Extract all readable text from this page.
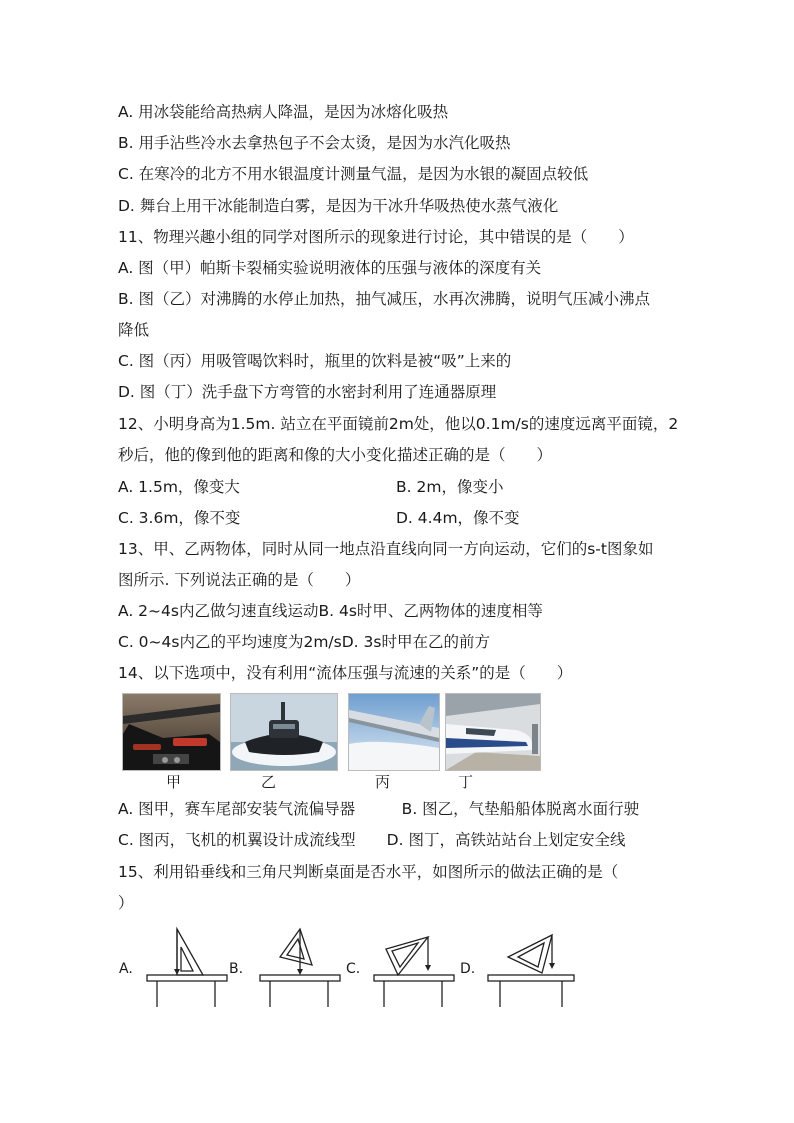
A. 用冰袋能给高热病人降温，是因为冰熔化吸热
B. 用手沾些冷水去拿热包子不会太烫，是因为水汽化吸热
C. 在寒冷的北方不用水银温度计测量气温，是因为水银的凝固点较低
D. 舞台上用干冰能制造白雾，是因为干冰升华吸热使水蒸气液化
11、物理兴趣小组的同学对图所示的现象进行讨论，其中错误的是（　　）
A. 图（甲）帕斯卡裂桶实验说明液体的压强与液体的深度有关
B. 图（乙）对沸腾的水停止加热，抽气减压，水再次沸腾，说明气压减小沸点
降低
C. 图（丙）用吸管喝饮料时，瓶里的饮料是被“吸”上来的
D. 图（丁）洗手盘下方弯管的水密封利用了连通器原理
12、小明身高为1.5m. 站立在平面镜前2m处，他以0.1m/s的速度远离平面镜，2
秒后，他的像到他的距离和像的大小变化描述正确的是（　　）
A. 1.5m，像变大	B. 2m，像变小
C. 3.6m，像不变	D. 4.4m，像不变
13、甲、乙两物体，同时从同一地点沿直线向同一方向运动，它们的s-t图象如
图所示. 下列说法正确的是（　　）
A. 2~4s内乙做匀速直线运动B. 4s时甲、乙两物体的速度相等
C. 0~4s内乙的平均速度为2m/sD. 3s时甲在乙的前方
14、以下选项中，没有利用“流体压强与流速的关系”的是（　　）
甲	乙	丙	丁
A. 图甲，赛车尾部安装气流偏导器　　　B. 图乙，气垫船船体脱离水面行驶
C. 图丙，飞机的机翼设计成流线型　　D. 图丁，高铁站站台上划定安全线
15、利用铅垂线和三角尺判断桌面是否水平，如图所示的做法正确的是（
）
A.	B.	C.	D.
